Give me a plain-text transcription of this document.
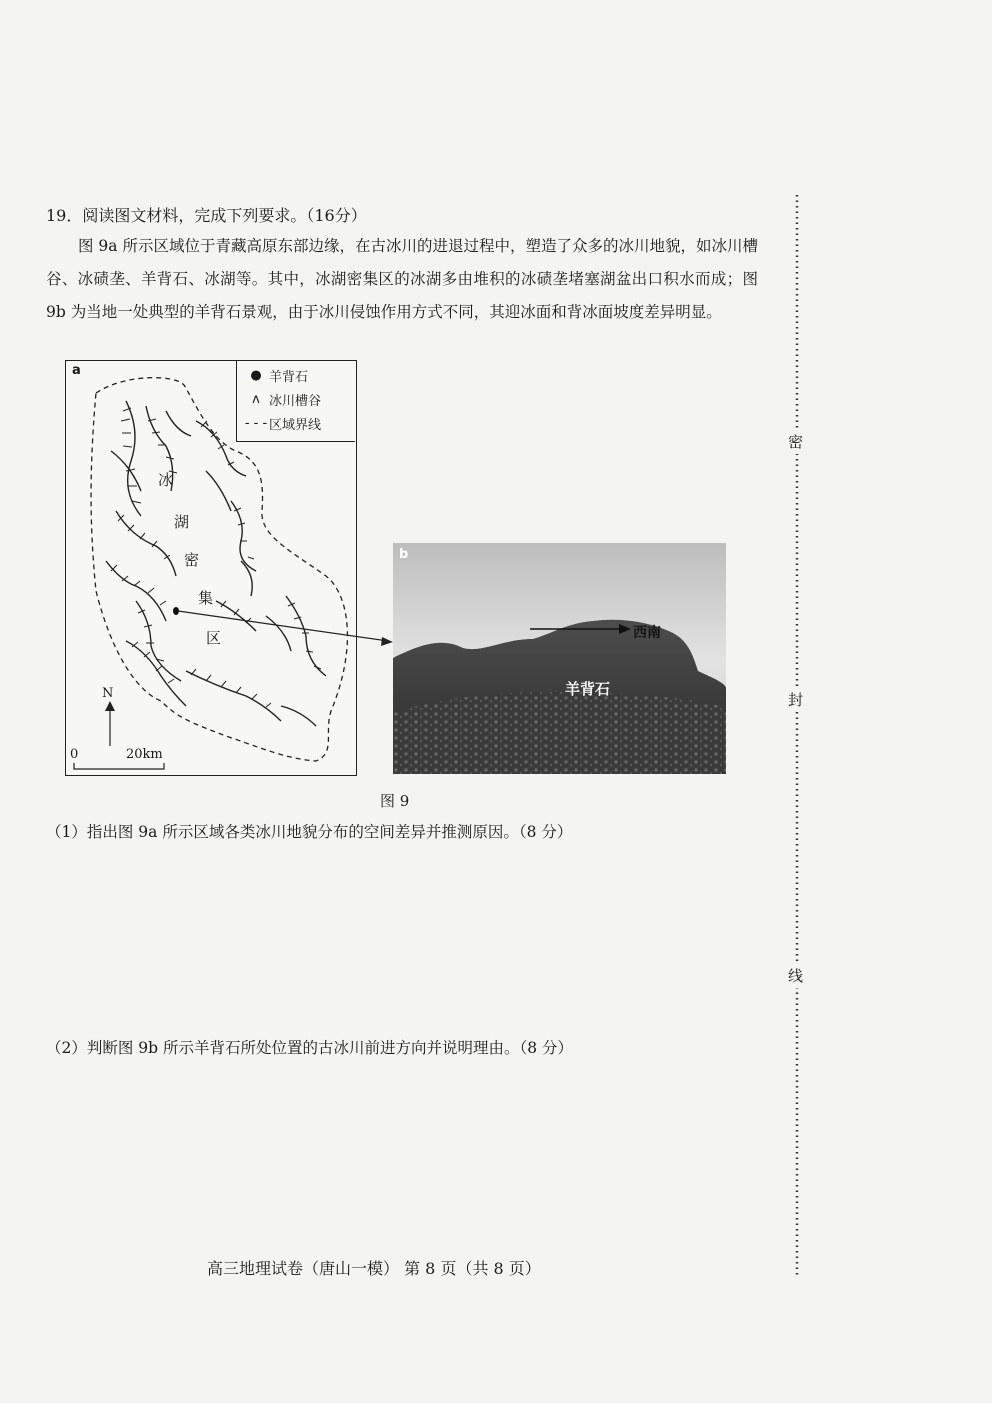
19．阅读图文材料，完成下列要求。（16分）
图 9a 所示区域位于青藏高原东部边缘，在古冰川的进退过程中，塑造了众多的冰川地貌，如冰川槽谷、冰碛垄、羊背石、冰湖等。其中，冰湖密集区的冰湖多由堆积的冰碛垄堵塞湖盆出口积水而成；图 9b 为当地一处典型的羊背石景观，由于冰川侵蚀作用方式不同，其迎冰面和背冰面坡度差异明显。
a	● 羊背石
ᴧ 冰川槽谷
- - - 区域界线
冰
湖
密
集
区
N
0	20km
b
西南
羊背石
图 9
（1）指出图 9a 所示区域各类冰川地貌分布的空间差异并推测原因。（8 分）
（2）判断图 9b 所示羊背石所处位置的古冰川前进方向并说明理由。（8 分）
高三地理试卷（唐山一模） 第 8 页（共 8 页）
密
封
线
